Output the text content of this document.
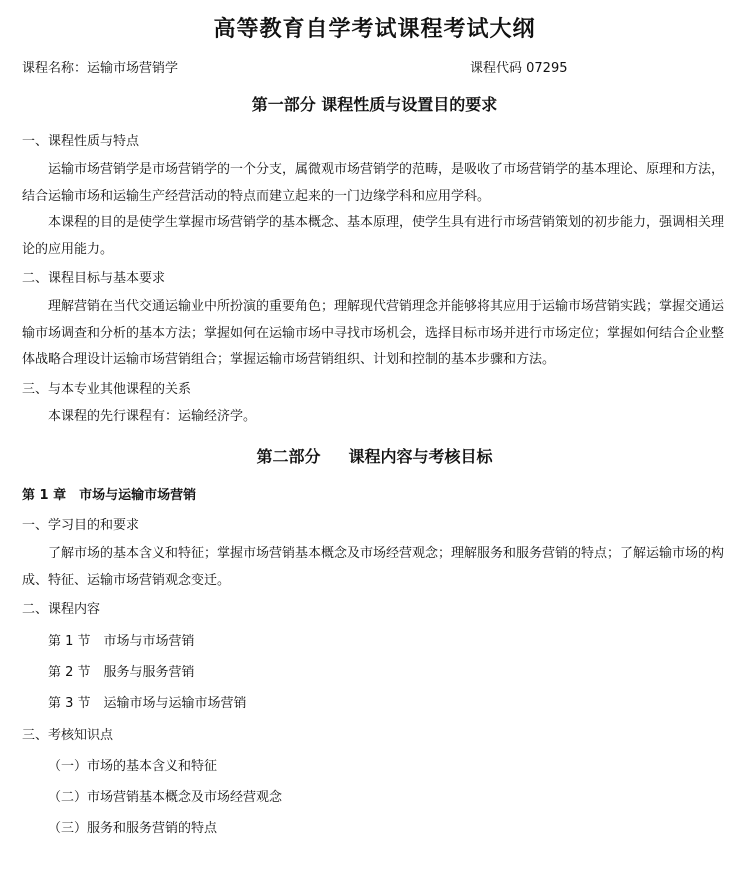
高等教育自学考试课程考试大纲
课程名称：运输市场营销学	课程代码 07295
第一部分 课程性质与设置目的要求
一、课程性质与特点

运输市场营销学是市场营销学的一个分支，属微观市场营销学的范畴，是吸收了市场营销学的基本理论、原理和方法，结合运输市场和运输生产经营活动的特点而建立起来的一门边缘学科和应用学科。

本课程的目的是使学生掌握市场营销学的基本概念、基本原理，使学生具有进行市场营销策划的初步能力，强调相关理论的应用能力。

二、课程目标与基本要求

理解营销在当代交通运输业中所扮演的重要角色；理解现代营销理念并能够将其应用于运输市场营销实践；掌握交通运输市场调查和分析的基本方法；掌握如何在运输市场中寻找市场机会，选择目标市场并进行市场定位；掌握如何结合企业整体战略合理设计运输市场营销组合；掌握运输市场营销组织、计划和控制的基本步骤和方法。

三、与本专业其他课程的关系

本课程的先行课程有：运输经济学。

第二部分 课程内容与考核目标
第 1 章　市场与运输市场营销
一、学习目的和要求

了解市场的基本含义和特征；掌握市场营销基本概念及市场经营观念；理解服务和服务营销的特点；了解运输市场的构成、特征、运输市场营销观念变迁。

二、课程内容
第 1 节　市场与市场营销
第 2 节　服务与服务营销
第 3 节　运输市场与运输市场营销
三、考核知识点
（一）市场的基本含义和特征
（二）市场营销基本概念及市场经营观念
（三）服务和服务营销的特点
